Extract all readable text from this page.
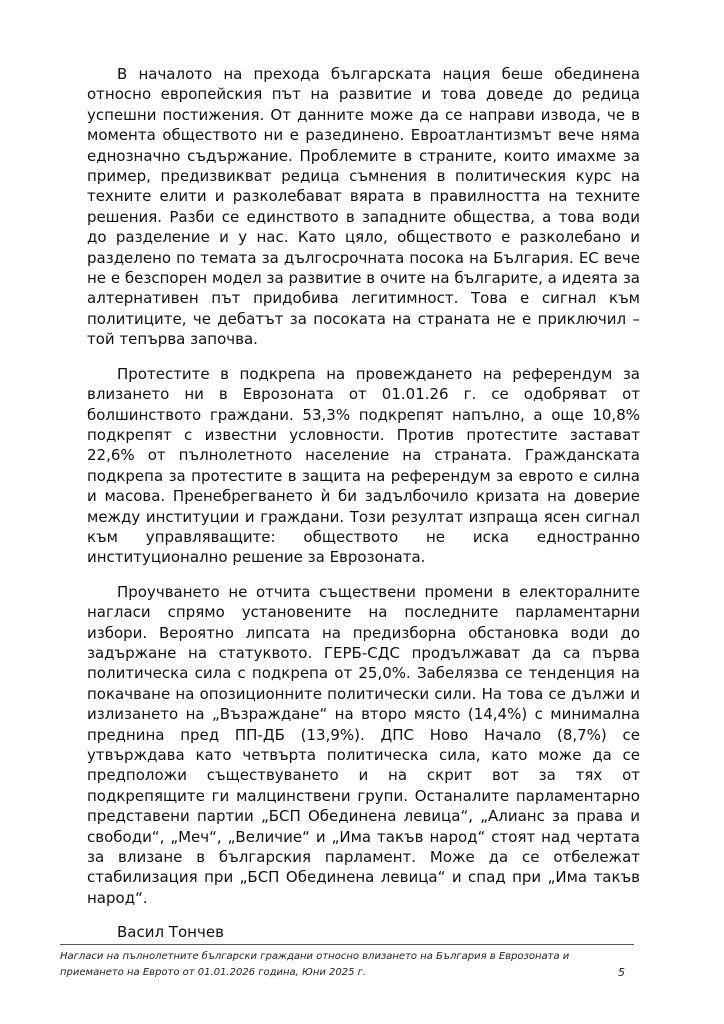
В началото на прехода българската нация беше обединена относно европейския път на развитие и това доведе до редица успешни постижения. От данните може да се направи извода, че в момента обществото ни е разединено. Евроатлантизмът вече няма еднозначно съдържание. Проблемите в страните, които имахме за пример, предизвикват редица съмнения в политическия курс на техните елити и разколебават вярата в правилността на техните решения. Разби се единството в западните общества, а това води до разделение и у нас. Като цяло, обществото е разколебано и разделено по темата за дългосрочната посока на България. ЕС вече не е безспорен модел за развитие в очите на българите, а идеята за алтернативен път придобива легитимност. Това е сигнал към политиците, че дебатът за посоката на страната не е приключил – той тепърва започва.

Протестите в подкрепа на провеждането на референдум за влизането ни в Еврозоната от 01.01.26 г. се одобряват от болшинството граждани. 53,3% подкрепят напълно, а още 10,8% подкрепят с известни условности. Против протестите застават 22,6% от пълнолетното население на страната. Гражданската подкрепа за протестите в защита на референдум за еврото е силна и масова. Пренебрегването ѝ би задълбочило кризата на доверие между институции и граждани. Този резултат изпраща ясен сигнал към управляващите: обществото не иска едностранно институционално решение за Еврозоната.

Проучването не отчита съществени промени в електоралните нагласи спрямо установените на последните парламентарни избори. Вероятно липсата на предизборна обстановка води до задържане на статуквото. ГЕРБ-СДС продължават да са първа политическа сила с подкрепа от 25,0%. Забелязва се тенденция на покачване на опозиционните политически сили. На това се дължи и излизането на „Възраждане“ на второ място (14,4%) с минимална преднина пред ПП-ДБ (13,9%). ДПС Ново Начало (8,7%) се утвърждава като четвърта политическа сила, като може да се предположи съществуването и на скрит вот за тях от подкрепящите ги малцинствени групи. Останалите парламентарно представени партии „БСП Обединена левица“, „Алианс за права и свободи“, „Меч“, „Величие“ и „Има такъв народ“ стоят над чертата за влизане в българския парламент. Може да се отбележат стабилизация при „БСП Обединена левица“ и спад при „Има такъв народ“.

Васил Тончев
Нагласи на пълнолетните български граждани относно влизането на България в Еврозоната и
приемането на Еврото от 01.01.2026 година, Юни 2025 г.	5
